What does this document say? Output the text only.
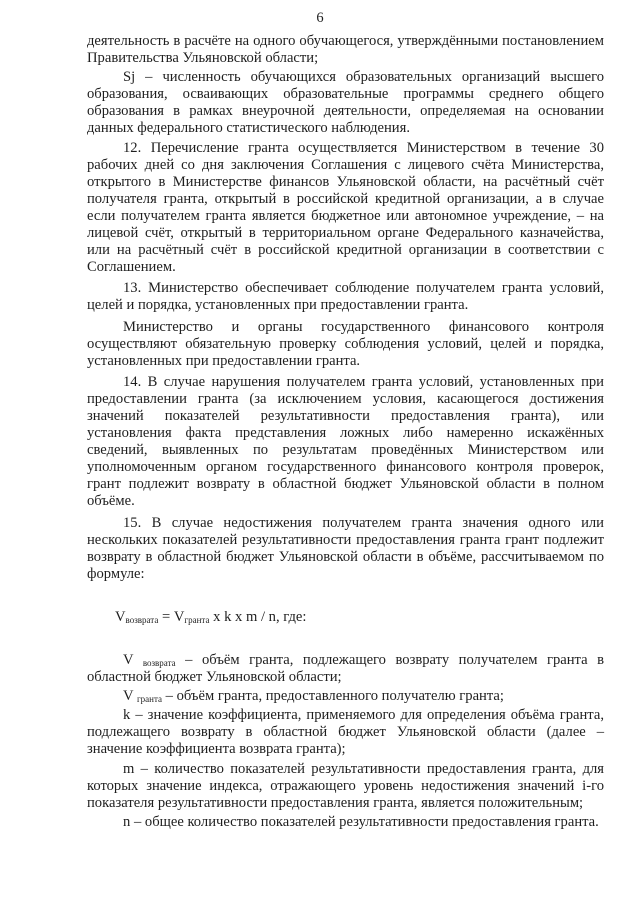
6

деятельность в расчёте на одного обучающегося, утверждёнными постановлением Правительства Ульяновской области;

Sj – численность обучающихся образовательных организаций высшего образования, осваивающих образовательные программы среднего общего образования в рамках внеурочной деятельности, определяемая на основании данных федерального статистического наблюдения.

12. Перечисление гранта осуществляется Министерством в течение 30 рабочих дней со дня заключения Соглашения с лицевого счёта Министерства, открытого в Министерстве финансов Ульяновской области, на расчётный счёт получателя гранта, открытый в российской кредитной организации, а в случае если получателем гранта является бюджетное или автономное учреждение, – на лицевой счёт, открытый в территориальном органе Федерального казначейства, или на расчётный счёт в российской кредитной организации в соответствии с Соглашением.

13. Министерство обеспечивает соблюдение получателем гранта условий, целей и порядка, установленных при предоставлении гранта.

Министерство и органы государственного финансового контроля осуществляют обязательную проверку соблюдения условий, целей и порядка, установленных при предоставлении гранта.

14. В случае нарушения получателем гранта условий, установленных при предоставлении гранта (за исключением условия, касающегося достижения значений показателей результативности предоставления гранта), или установления факта представления ложных либо намеренно искажённых сведений, выявленных по результатам проведённых Министерством или уполномоченным органом государственного финансового контроля проверок, грант подлежит возврату в областной бюджет Ульяновской области в полном объёме.

15. В случае недостижения получателем гранта значения одного или нескольких показателей результативности предоставления гранта грант подлежит возврату в областной бюджет Ульяновской области в объёме, рассчитываемом по формуле:

$V_{возврата} = V_{гранта}$ x k x m / n, где:

V $_{возврата}$ – объём гранта, подлежащего возврату получателем гранта в областной бюджет Ульяновской области;

V $_{гранта}$ – объём гранта, предоставленного получателю гранта;

k – значение коэффициента, применяемого для определения объёма гранта, подлежащего возврату в областной бюджет Ульяновской области (далее – значение коэффициента возврата гранта);

m – количество показателей результативности предоставления гранта, для которых значение индекса, отражающего уровень недостижения значений i-го показателя результативности предоставления гранта, является положительным;

n – общее количество показателей результативности предоставления гранта.
